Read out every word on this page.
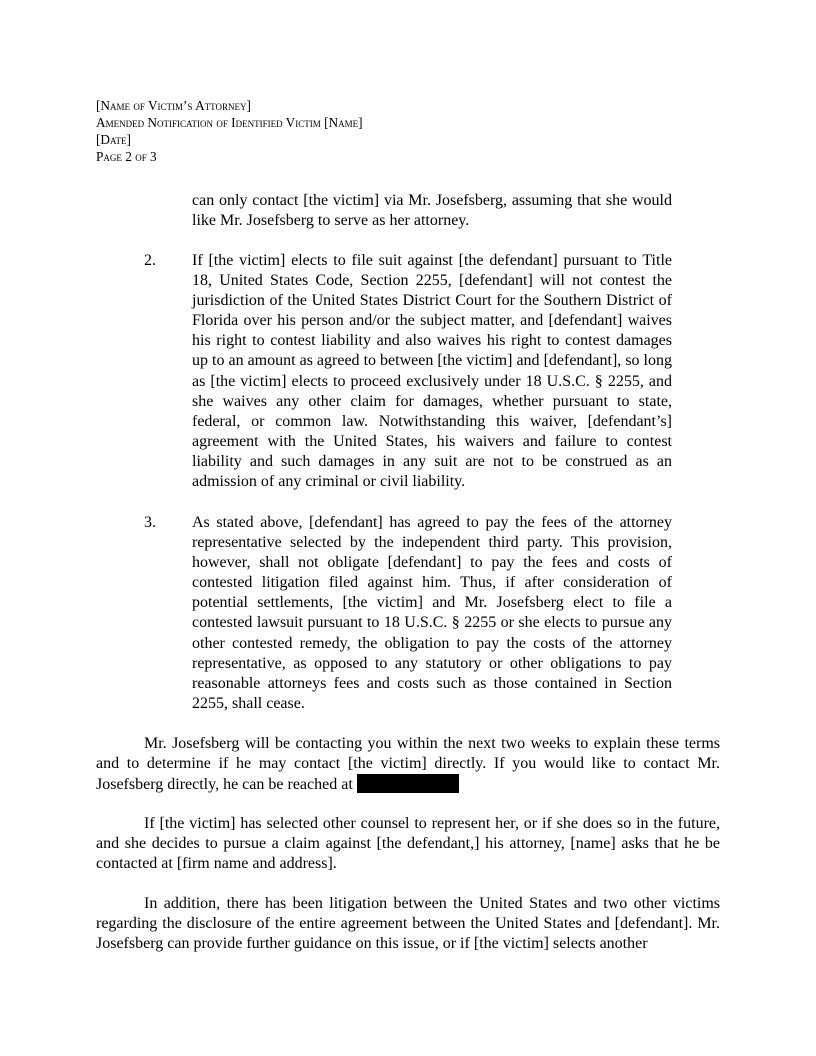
[Name of Victim’s Attorney]
Amended Notification of Identified Victim [Name]
[Date]
Page 2 of 3
can only contact [the victim] via Mr. Josefsberg, assuming that she would like Mr. Josefsberg to serve as her attorney.
2. If [the victim] elects to file suit against [the defendant] pursuant to Title 18, United States Code, Section 2255, [defendant] will not contest the jurisdiction of the United States District Court for the Southern District of Florida over his person and/or the subject matter, and [defendant] waives his right to contest liability and also waives his right to contest damages up to an amount as agreed to between [the victim] and [defendant], so long as [the victim] elects to proceed exclusively under 18 U.S.C. § 2255, and she waives any other claim for damages, whether pursuant to state, federal, or common law. Notwithstanding this waiver, [defendant’s] agreement with the United States, his waivers and failure to contest liability and such damages in any suit are not to be construed as an admission of any criminal or civil liability.
3. As stated above, [defendant] has agreed to pay the fees of the attorney representative selected by the independent third party. This provision, however, shall not obligate [defendant] to pay the fees and costs of contested litigation filed against him. Thus, if after consideration of potential settlements, [the victim] and Mr. Josefsberg elect to file a contested lawsuit pursuant to 18 U.S.C. § 2255 or she elects to pursue any other contested remedy, the obligation to pay the costs of the attorney representative, as opposed to any statutory or other obligations to pay reasonable attorneys fees and costs such as those contained in Section 2255, shall cease.
Mr. Josefsberg will be contacting you within the next two weeks to explain these terms and to determine if he may contact [the victim] directly. If you would like to contact Mr. Josefsberg directly, he can be reached at
If [the victim] has selected other counsel to represent her, or if she does so in the future, and she decides to pursue a claim against [the defendant,] his attorney, [name] asks that he be contacted at [firm name and address].
In addition, there has been litigation between the United States and two other victims regarding the disclosure of the entire agreement between the United States and [defendant]. Mr. Josefsberg can provide further guidance on this issue, or if [the victim] selects another
